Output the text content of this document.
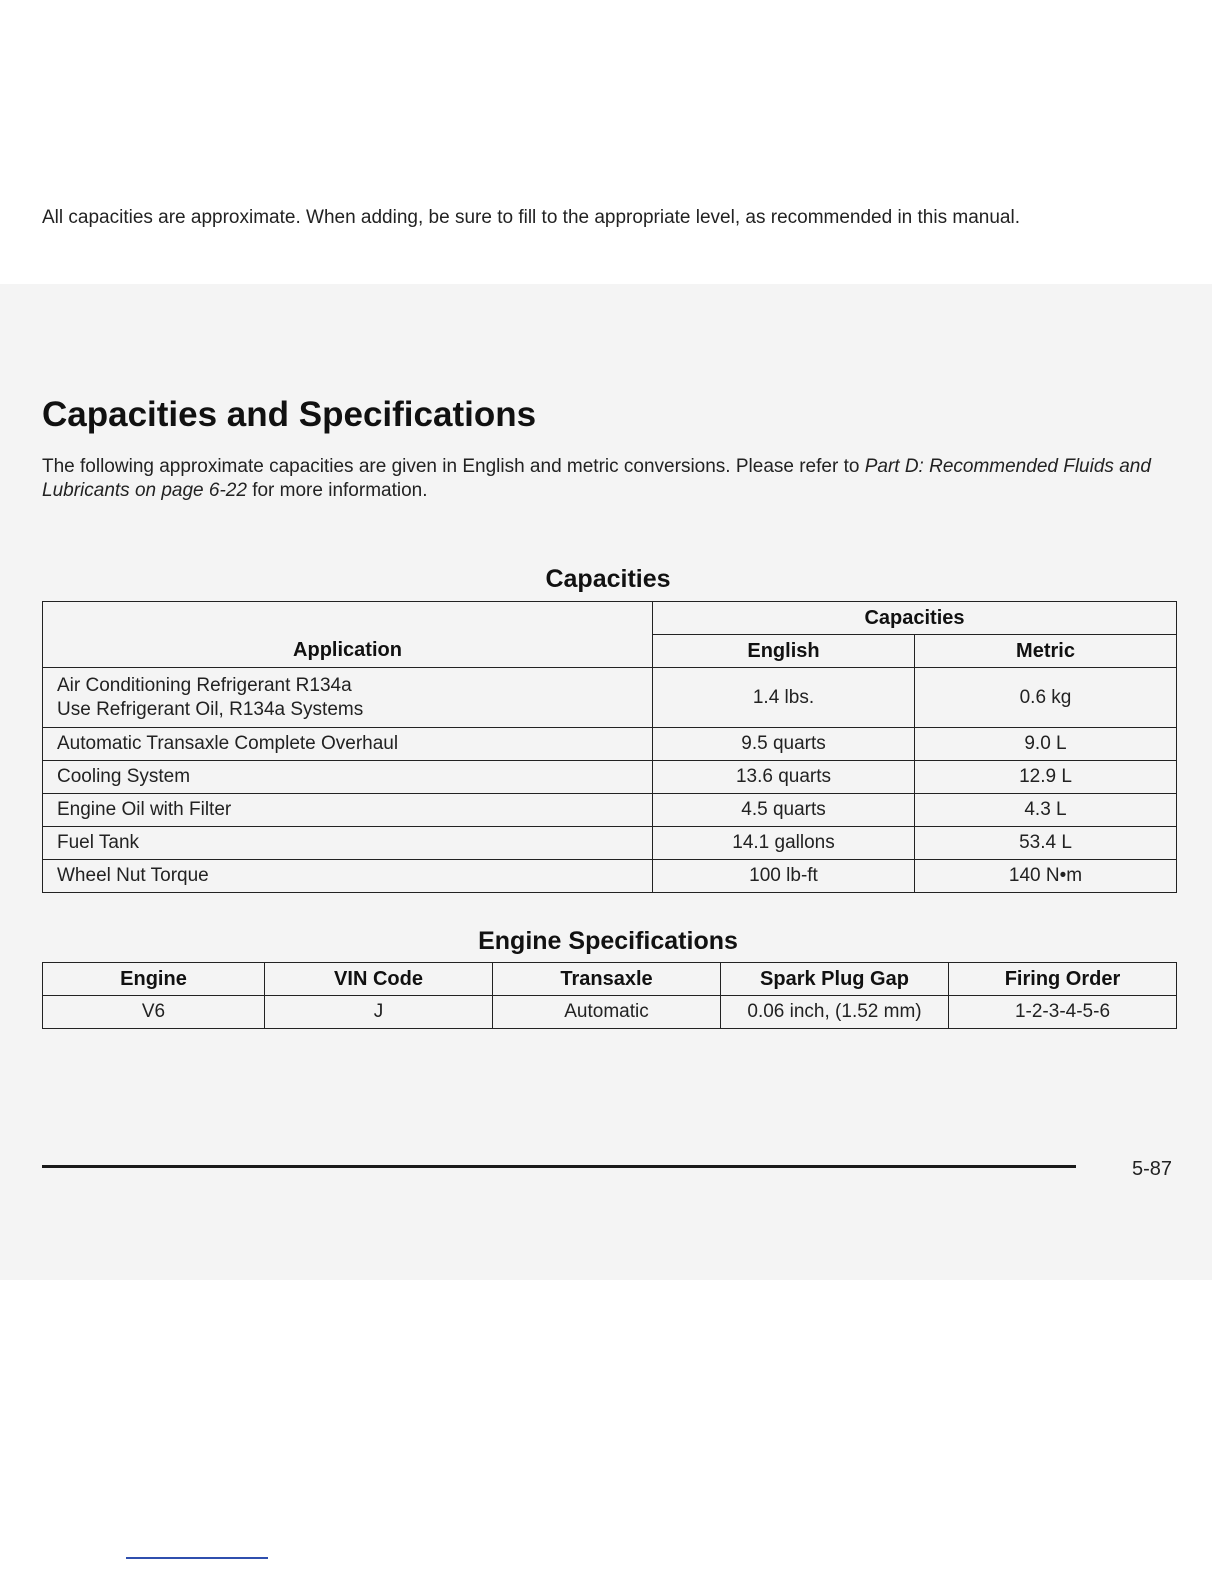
Capacities and Specifications

The following approximate capacities are given in English and metric conversions. Please refer to Part D: Recommended Fluids and Lubricants on page 6-22 for more information.

All capacities are approximate. When adding, be sure to fill to the appropriate level, as recommended in this manual.

Capacities
	Capacities	
Application	English	Metric

Air Conditioning Refrigerant R134a
Use Refrigerant Oil, R134a Systems	1.4 lbs.	0.6 kg
Automatic Transaxle Complete Overhaul	9.5 quarts	9.0 L
Cooling System	13.6 quarts	12.9 L
Engine Oil with Filter	4.5 quarts	4.3 L
Fuel Tank	14.1 gallons	53.4 L
Wheel Nut Torque	100 lb-ft	140 N•m
Engine Specifications
Engine	VIN Code	Transaxle	Spark Plug Gap	Firing Order
V6	J	Automatic	0.06 inch, (1.52 mm)	1-2-3-4-5-6
5-87
